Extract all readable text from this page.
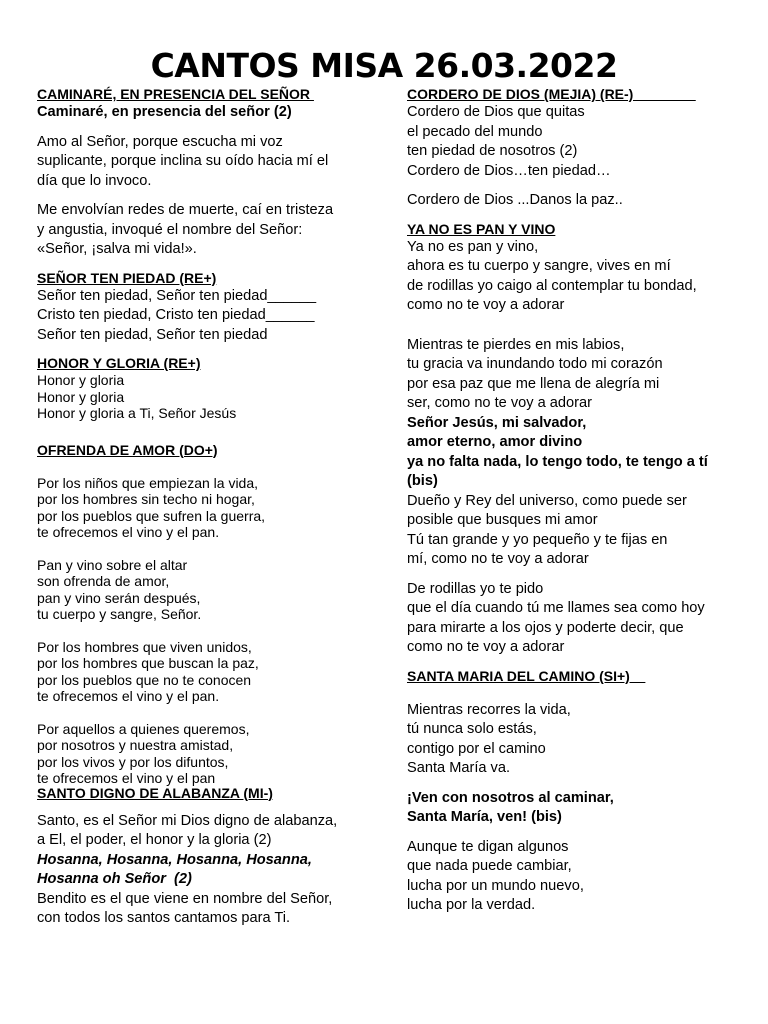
CANTOS MISA 26.03.2022
CAMINARÉ, EN PRESENCIA DEL SEÑOR
Caminaré, en presencia del señor (2)
Amo al Señor, porque escucha mi voz
suplicante, porque inclina su oído hacia mí el
día que lo invoco.
Me envolvían redes de muerte, caí en tristeza
y angustia, invoqué el nombre del Señor:
«Señor, ¡salva mi vida!».
SEÑOR TEN PIEDAD (RE+)
Señor ten piedad, Señor ten piedad______
Cristo ten piedad, Cristo ten piedad______
Señor ten piedad, Señor ten piedad
HONOR Y GLORIA (RE+)
Honor y gloria
Honor y gloria
Honor y gloria a Ti, Señor Jesús
OFRENDA DE AMOR (DO+)
Por los niños que empiezan la vida,
por los hombres sin techo ni hogar,
por los pueblos que sufren la guerra,
te ofrecemos el vino y el pan.
Pan y vino sobre el altar
son ofrenda de amor,
pan y vino serán después,
tu cuerpo y sangre, Señor.
Por los hombres que viven unidos,
por los hombres que buscan la paz,
por los pueblos que no te conocen
te ofrecemos el vino y el pan.
Por aquellos a quienes queremos,
por nosotros y nuestra amistad,
por los vivos y por los difuntos,
te ofrecemos el vino y el pan
SANTO DIGNO DE ALABANZA (MI-)
Santo, es el Señor mi Dios digno de alabanza,
a El, el poder, el honor y la gloria (2)
Hosanna, Hosanna, Hosanna, Hosanna,
Hosanna oh Señor  (2)
Bendito es el que viene en nombre del Señor,
con todos los santos cantamos para Ti.
CORDERO DE DIOS (MEJIA) (RE-)________
Cordero de Dios que quitas
el pecado del mundo
ten piedad de nosotros (2)
Cordero de Dios…ten piedad…
Cordero de Dios ...Danos la paz..
YA NO ES PAN Y VINO
Ya no es pan y vino,
ahora es tu cuerpo y sangre, vives en mí
de rodillas yo caigo al contemplar tu bondad,
como no te voy a adorar
Mientras te pierdes en mis labios,
tu gracia va inundando todo mi corazón
por esa paz que me llena de alegría mi
ser, como no te voy a adorar
Señor Jesús, mi salvador,
amor eterno, amor divino
ya no falta nada, lo tengo todo, te tengo a tí
(bis)
Dueño y Rey del universo, como puede ser
posible que busques mi amor
Tú tan grande y yo pequeño y te fijas en
mí, como no te voy a adorar
De rodillas yo te pido
que el día cuando tú me llames sea como hoy
para mirarte a los ojos y poderte decir, que
como no te voy a adorar
SANTA MARIA DEL CAMINO (SI+)
Mientras recorres la vida,
tú nunca solo estás,
contigo por el camino
Santa María va.
¡Ven con nosotros al caminar,
Santa María, ven! (bis)
Aunque te digan algunos
que nada puede cambiar,
lucha por un mundo nuevo,
lucha por la verdad.
